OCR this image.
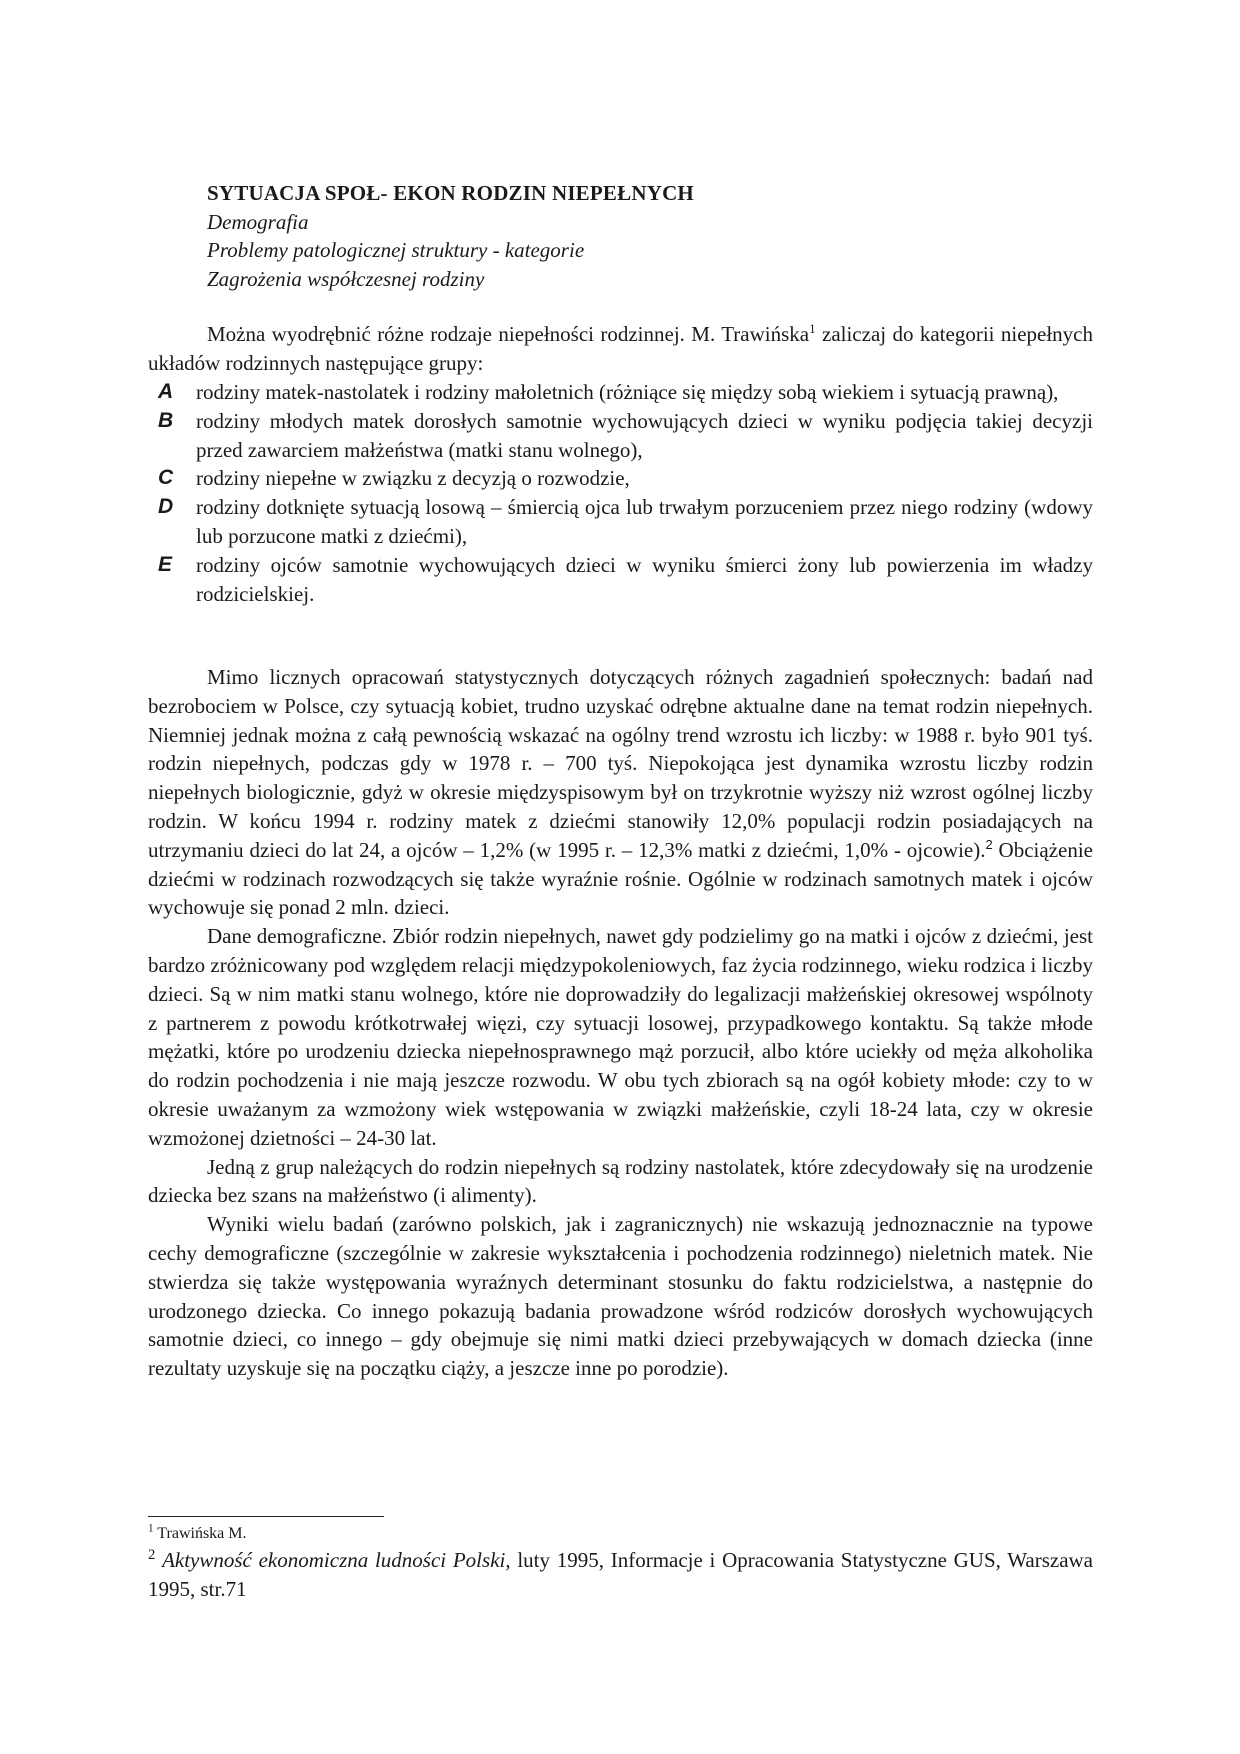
SYTUACJA SPOŁ- EKON RODZIN NIEPEŁNYCH
Demografia
Problemy patologicznej struktury - kategorie
Zagrożenia współczesnej rodziny

Można wyodrębnić różne rodzaje niepełności rodzinnej. M. Trawińska$^1$ zaliczaj do kategorii niepełnych układów rodzinnych następujące grupy:

A rodziny matek-nastolatek i rodziny małoletnich (różniące się między sobą wiekiem i sytuacją prawną),

B rodziny młodych matek dorosłych samotnie wychowujących dzieci w wyniku podjęcia takiej decyzji przed zawarciem małżeństwa (matki stanu wolnego),

C rodziny niepełne w związku z decyzją o rozwodzie,

D rodziny dotknięte sytuacją losową – śmiercią ojca lub trwałym porzuceniem przez niego rodziny (wdowy lub porzucone matki z dziećmi),

E rodziny ojców samotnie wychowujących dzieci w wyniku śmierci żony lub powierzenia im władzy rodzicielskiej.

Mimo licznych opracowań statystycznych dotyczących różnych zagadnień społecznych: badań nad bezrobociem w Polsce, czy sytuacją kobiet, trudno uzyskać odrębne aktualne dane na temat rodzin niepełnych. Niemniej jednak można z całą pewnością wskazać na ogólny trend wzrostu ich liczby: w 1988 r. było 901 tyś. rodzin niepełnych, podczas gdy w 1978 r. – 700 tyś. Niepokojąca jest dynamika wzrostu liczby rodzin niepełnych biologicznie, gdyż w okresie międzyspisowym był on trzykrotnie wyższy niż wzrost ogólnej liczby rodzin. W końcu 1994 r. rodziny matek z dziećmi stanowiły 12,0% populacji rodzin posiadających na utrzymaniu dzieci do lat 24, a ojców – 1,2% (w 1995 r. – 12,3% matki z dziećmi, 1,0% - ojcowie).$^2$ Obciążenie dziećmi w rodzinach rozwodzących się także wyraźnie rośnie. Ogólnie w rodzinach samotnych matek i ojców wychowuje się ponad 2 mln. dzieci.

Dane demograficzne. Zbiór rodzin niepełnych, nawet gdy podzielimy go na matki i ojców z dziećmi, jest bardzo zróżnicowany pod względem relacji międzypokoleniowych, faz życia rodzinnego, wieku rodzica i liczby dzieci. Są w nim matki stanu wolnego, które nie doprowadziły do legalizacji małżeńskiej okresowej wspólnoty z partnerem z powodu krótkotrwałej więzi, czy sytuacji losowej, przypadkowego kontaktu. Są także młode mężatki, które po urodzeniu dziecka niepełnosprawnego mąż porzucił, albo które uciekły od męża alkoholika do rodzin pochodzenia i nie mają jeszcze rozwodu. W obu tych zbiorach są na ogół kobiety młode: czy to w okresie uważanym za wzmożony wiek wstępowania w związki małżeńskie, czyli 18-24 lata, czy w okresie wzmożonej dzietności – 24-30 lat.

Jedną z grup należących do rodzin niepełnych są rodziny nastolatek, które zdecydowały się na urodzenie dziecka bez szans na małżeństwo (i alimenty).

Wyniki wielu badań (zarówno polskich, jak i zagranicznych) nie wskazują jednoznacznie na typowe cechy demograficzne (szczególnie w zakresie wykształcenia i pochodzenia rodzinnego) nieletnich matek. Nie stwierdza się także występowania wyraźnych determinant stosunku do faktu rodzicielstwa, a następnie do urodzonego dziecka. Co innego pokazują badania prowadzone wśród rodziców dorosłych wychowujących samotnie dzieci, co innego – gdy obejmuje się nimi matki dzieci przebywających w domach dziecka (inne rezultaty uzyskuje się na początku ciąży, a jeszcze inne po porodzie).

$^1$ Trawińska M.

$^2$ Aktywność ekonomiczna ludności Polski, luty 1995, Informacje i Opracowania Statystyczne GUS, Warszawa 1995, str.71
